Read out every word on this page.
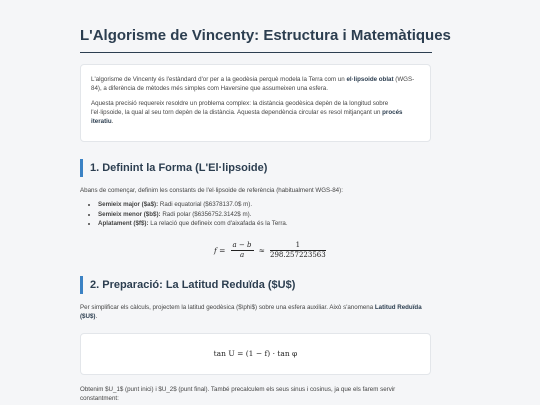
L'Algorisme de Vincenty: Estructura i Matemàtiques

L'algorisme de Vincenty és l'estàndard d'or per a la geodèsia perquè modela la Terra com un el·lipsoide oblat (WGS-84), a diferència de mètodes més simples com Haversine que assumeixen una esfera.

Aquesta precisió requereix resoldre un problema complex: la distància geodèsica depèn de la longitud sobre l'el·lipsoide, la qual al seu torn depèn de la distància. Aquesta dependència circular es resol mitjançant un procés iteratiu.

1. Definint la Forma (L'El·lipsoide)
Abans de començar, definim les constants de l'el·lipsoide de referència (habitualment WGS-84):
• Semieix major ($a$): Radi equatorial ($6378137.0$ m).
• Semieix menor ($b$): Radi polar ($6356752.3142$ m).
• Aplatament ($f$): La relació que defineix com d'aixafada és la Terra.
$f = \frac{a - b}{a} \approx \frac{1}{298.257223563}$
2. Preparació: La Latitud Reduïda ($U$)
Per simplificar els càlculs, projectem la latitud geodèsica ($\phi$) sobre una esfera auxiliar. Això s'anomena Latitud Reduïda ($U$).
tan U = (1 − f) · tan φ
Obtenim $U_1$ (punt inici) i $U_2$ (punt final). També precalculem els seus sinus i cosinus, ja que els farem servir constantment:
